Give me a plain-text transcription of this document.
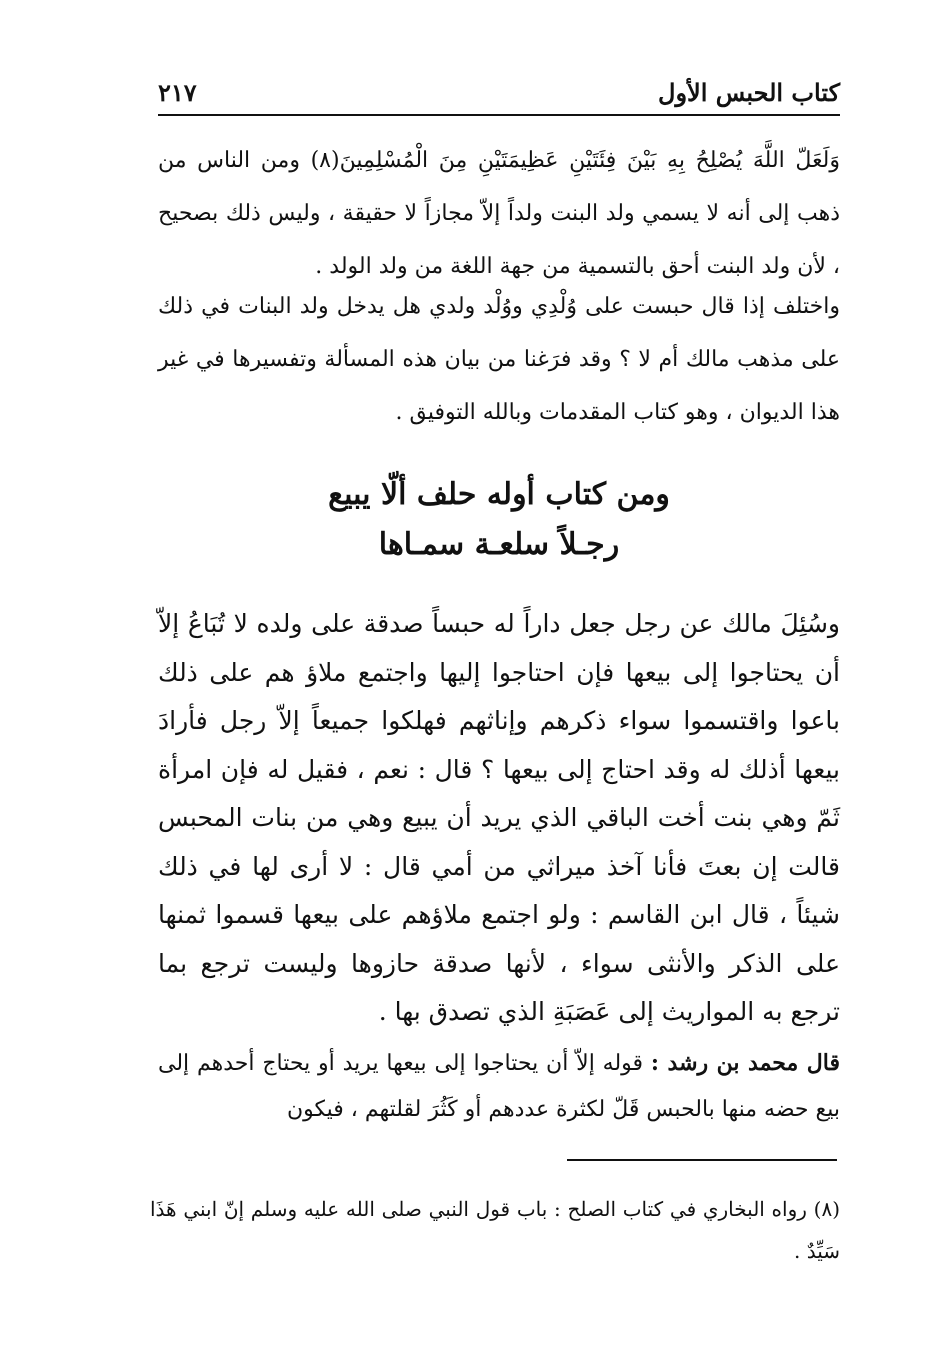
كتاب الحبس الأول
٢١٧

وَلَعَلّ اللَّهَ يُصْلِحُ بِهِ بَيْنَ فِئَتَيْنِ عَظِيمَتَيْنِ مِنَ الْمُسْلِمِينَ(٨) ومن الناس من ذهب إلى أنه لا يسمي ولد البنت ولداً إلاّ مجازاً لا حقيقة ، وليس ذلك بصحيح ، لأن ولد البنت أحق بالتسمية من جهة اللغة من ولد الولد .

واختلف إذا قال حبست على وُلْدِي ووُلْد ولدي هل يدخل ولد البنات في ذلك على مذهب مالك أم لا ؟ وقد فرَغنا من بيان هذه المسألة وتفسيرها في غير هذا الديوان ، وهو كتاب المقدمات وبالله التوفيق .

ومن كتاب أوله حلف ألّا يبيع
رجـلاً سلعـة سمـاها

وسُئِلَ مالك عن رجل جعل داراً له حبساً صدقة على ولده لا تُبَاعُ إلاّ أن يحتاجوا إلى بيعها فإن احتاجوا إليها واجتمع ملاؤ هم على ذلك باعوا واقتسموا سواء ذكرهم وإناثهم فهلكوا جميعاً إلاّ رجل فأرادَ بيعها أذلك له وقد احتاج إلى بيعها ؟ قال : نعم ، فقيل له فإن امرأة ثَمّ وهي بنت أخت الباقي الذي يريد أن يبيع وهي من بنات المحبس قالت إن بعتَ فأنا آخذ ميراثي من أمي قال : لا أرى لها في ذلك شيئاً ، قال ابن القاسم : ولو اجتمع ملاؤهم على بيعها قسموا ثمنها على الذكر والأنثى سواء ، لأنها صدقة حازوها وليست ترجع بما ترجع به المواريث إلى عَصَبَةِ الذي تصدق بها .

قال محمد بن رشد : قوله إلاّ أن يحتاجوا إلى بيعها يريد أو يحتاج أحدهم إلى بيع حضه منها بالحبس قَلّ لكثرة عددهم أو كَثُرَ لقلتهم ، فيكون

(٨) رواه البخاري في كتاب الصلح : باب قول النبي صلى الله عليه وسلم إنّ ابني هَذَا سَيِّدٌ .
